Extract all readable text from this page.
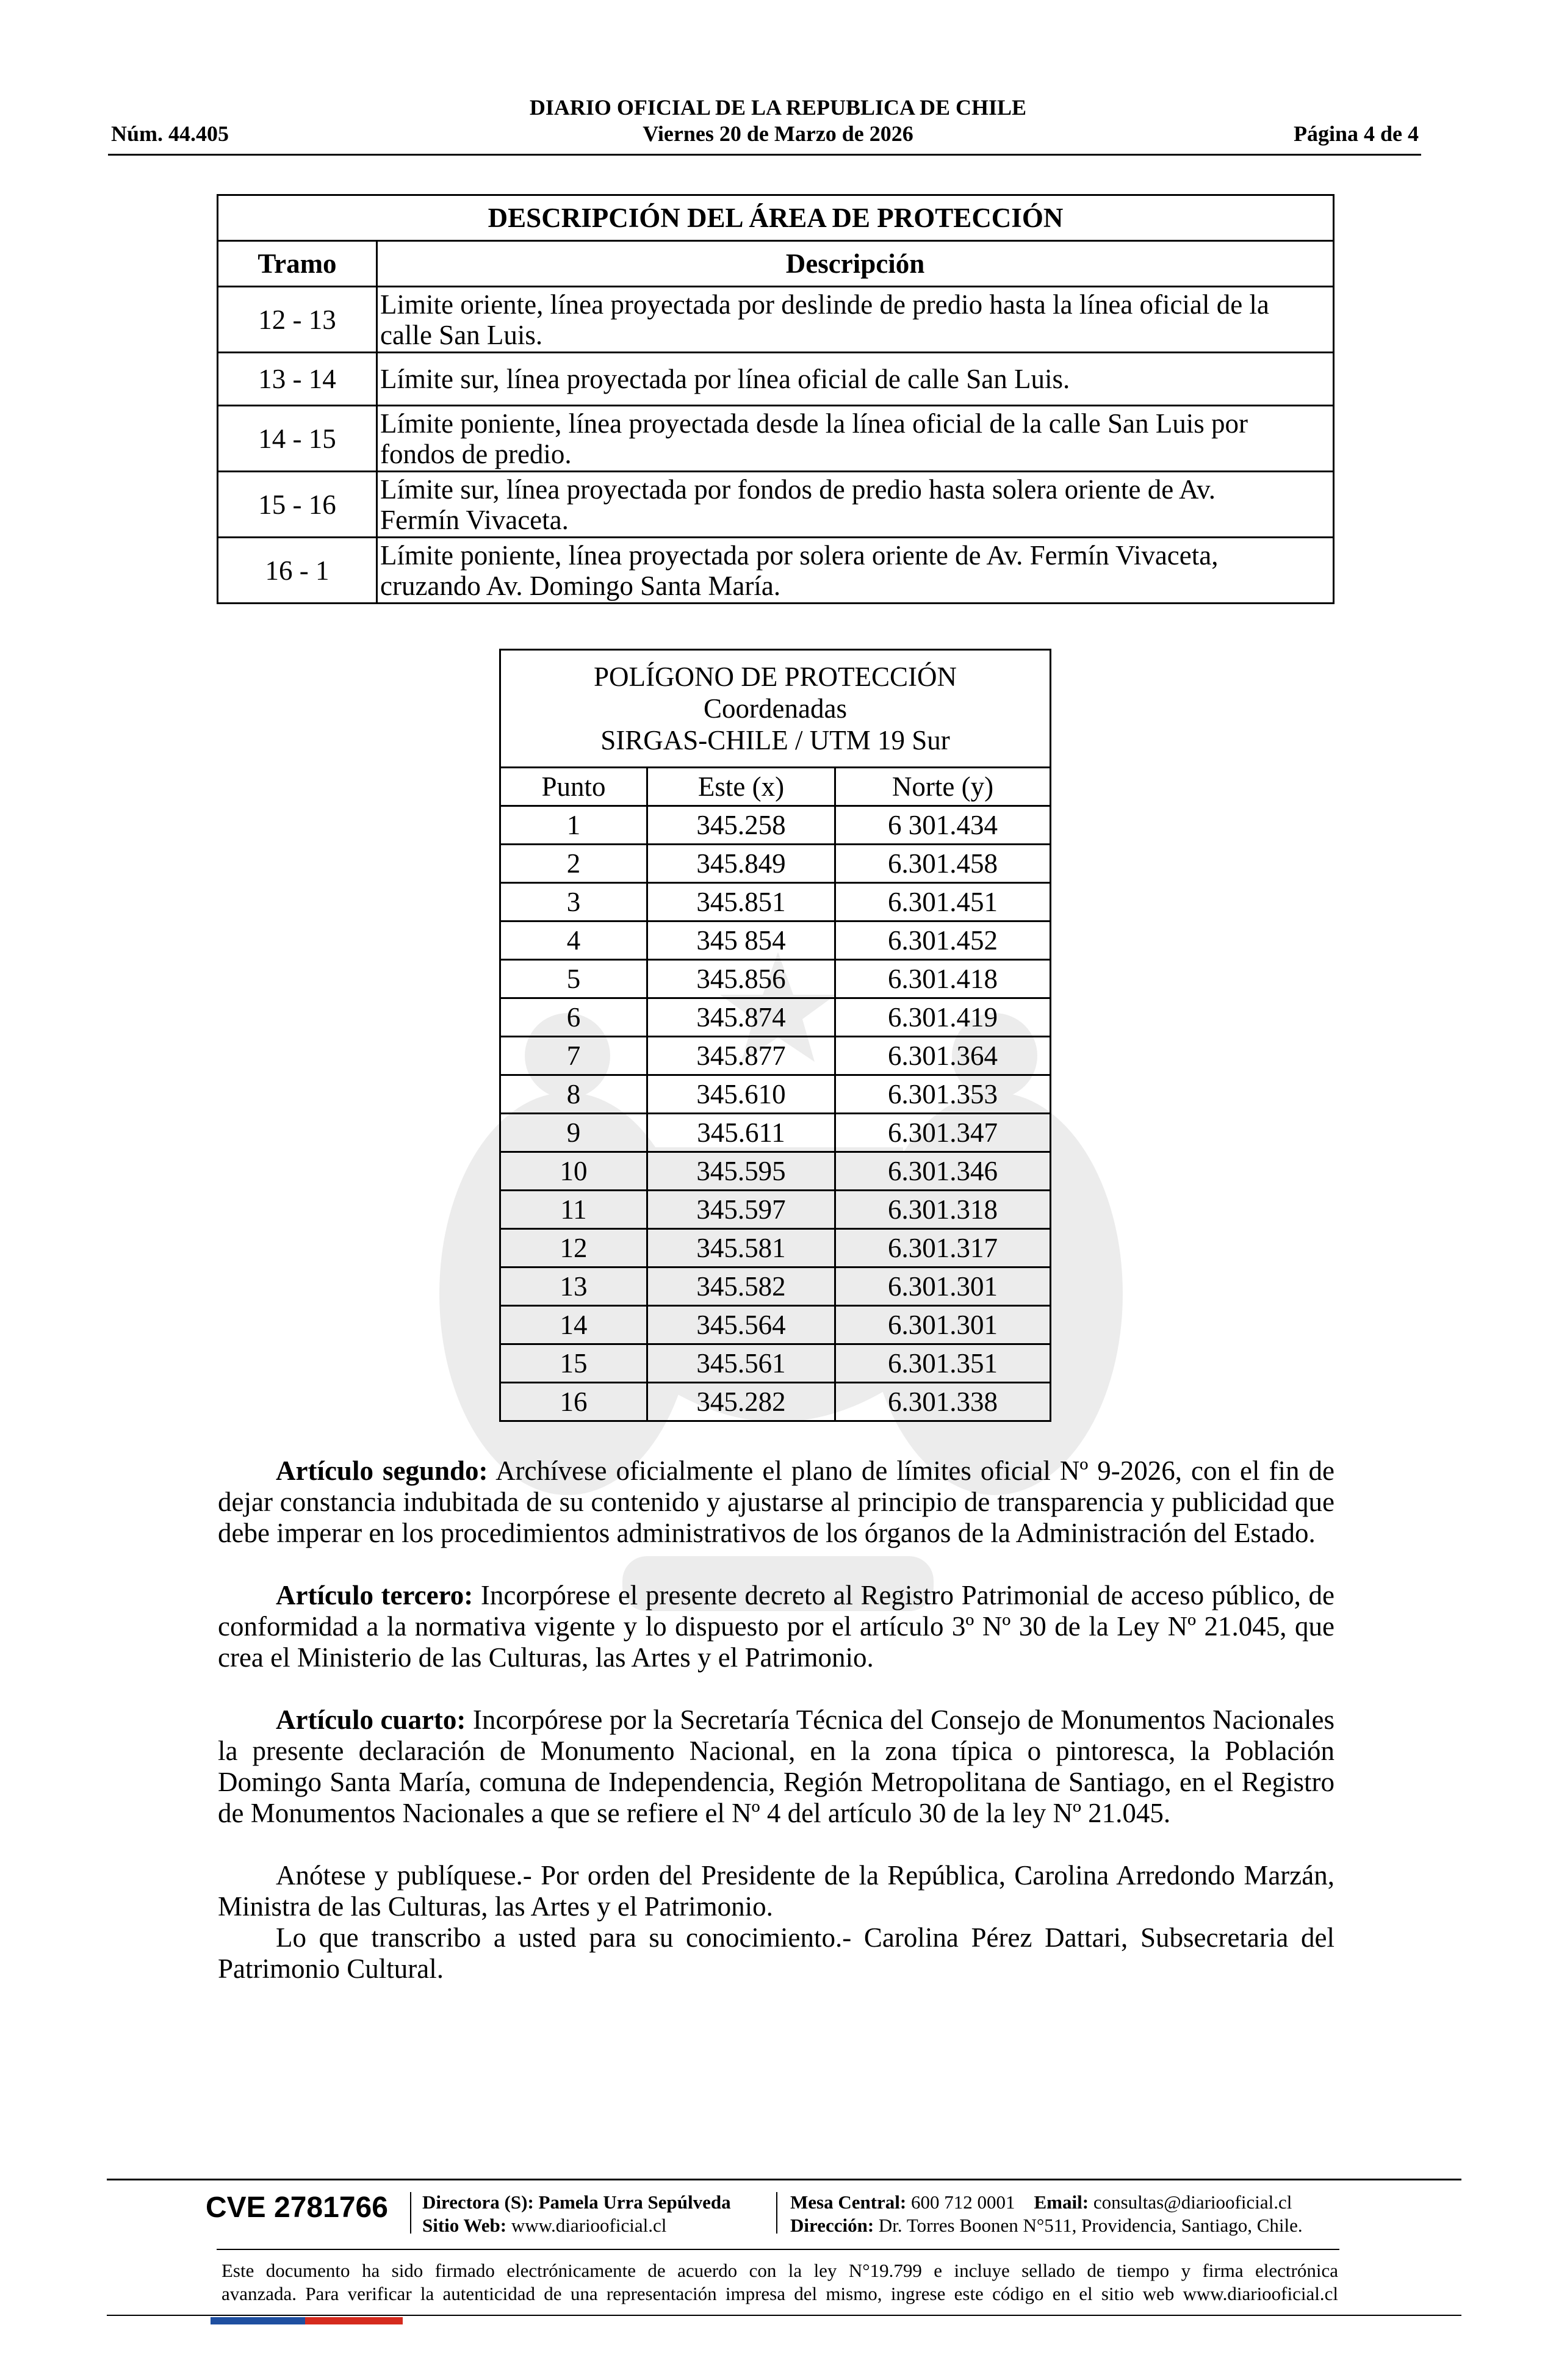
DIARIO OFICIAL DE LA REPUBLICA DE CHILE
Núm. 44.405	Viernes 20 de Marzo de 2026	Página 4 de 4
DESCRIPCIÓN DEL ÁREA DE PROTECCIÓN	
Tramo	Descripción
12 - 13	Limite oriente, línea proyectada por deslinde de predio hasta la línea oficial de la
calle San Luis.
13 - 14	Límite sur, línea proyectada por línea oficial de calle San Luis.
14 - 15	Límite poniente, línea proyectada desde la línea oficial de la calle San Luis por
fondos de predio.
15 - 16	Límite sur, línea proyectada por fondos de predio hasta solera oriente de Av.
Fermín Vivaceta.
16 - 1	Límite poniente, línea proyectada por solera oriente de Av. Fermín Vivaceta,
cruzando Av. Domingo Santa María.
POLÍGONO DE PROTECCIÓN
Coordenadas
SIRGAS-CHILE / UTM 19 Sur		
Punto	Este (x)	Norte (y)
1	345.258	6 301.434
2	345.849	6.301.458
3	345.851	6.301.451
4	345 854	6.301.452
5	345.856	6.301.418
6	345.874	6.301.419
7	345.877	6.301.364
8	345.610	6.301.353
9	345.611	6.301.347
10	345.595	6.301.346
11	345.597	6.301.318
12	345.581	6.301.317
13	345.582	6.301.301
14	345.564	6.301.301
15	345.561	6.301.351
16	345.282	6.301.338

Artículo segundo: Archívese oficialmente el plano de límites oficial Nº 9-2026, con el fin de dejar constancia indubitada de su contenido y ajustarse al principio de transparencia y publicidad que debe imperar en los procedimientos administrativos de los órganos de la Administración del Estado.

Artículo tercero: Incorpórese el presente decreto al Registro Patrimonial de acceso público, de conformidad a la normativa vigente y lo dispuesto por el artículo 3º Nº 30 de la Ley Nº 21.045, que crea el Ministerio de las Culturas, las Artes y el Patrimonio.

Artículo cuarto: Incorpórese por la Secretaría Técnica del Consejo de Monumentos Nacionales la presente declaración de Monumento Nacional, en la zona típica o pintoresca, la Población Domingo Santa María, comuna de Independencia, Región Metropolitana de Santiago, en el Registro de Monumentos Nacionales a que se refiere el Nº 4 del artículo 30 de la ley Nº 21.045.

Anótese y publíquese.- Por orden del Presidente de la República, Carolina Arredondo Marzán, Ministra de las Culturas, las Artes y el Patrimonio.

Lo que transcribo a usted para su conocimiento.- Carolina Pérez Dattari, Subsecretaria del Patrimonio Cultural.

CVE 2781766 Directora (S): Pamela Urra Sepúlveda
Sitio Web: www.diariooficial.cl
Mesa Central: 600 712 0001 Email: consultas@diariooficial.cl
Dirección: Dr. Torres Boonen N°511, Providencia, Santiago, Chile.
Este documento ha sido firmado electrónicamente de acuerdo con la ley N°19.799 e incluye sellado de tiempo y firma electrónica
avanzada. Para verificar la autenticidad de una representación impresa del mismo, ingrese este código en el sitio web www.diariooficial.cl
